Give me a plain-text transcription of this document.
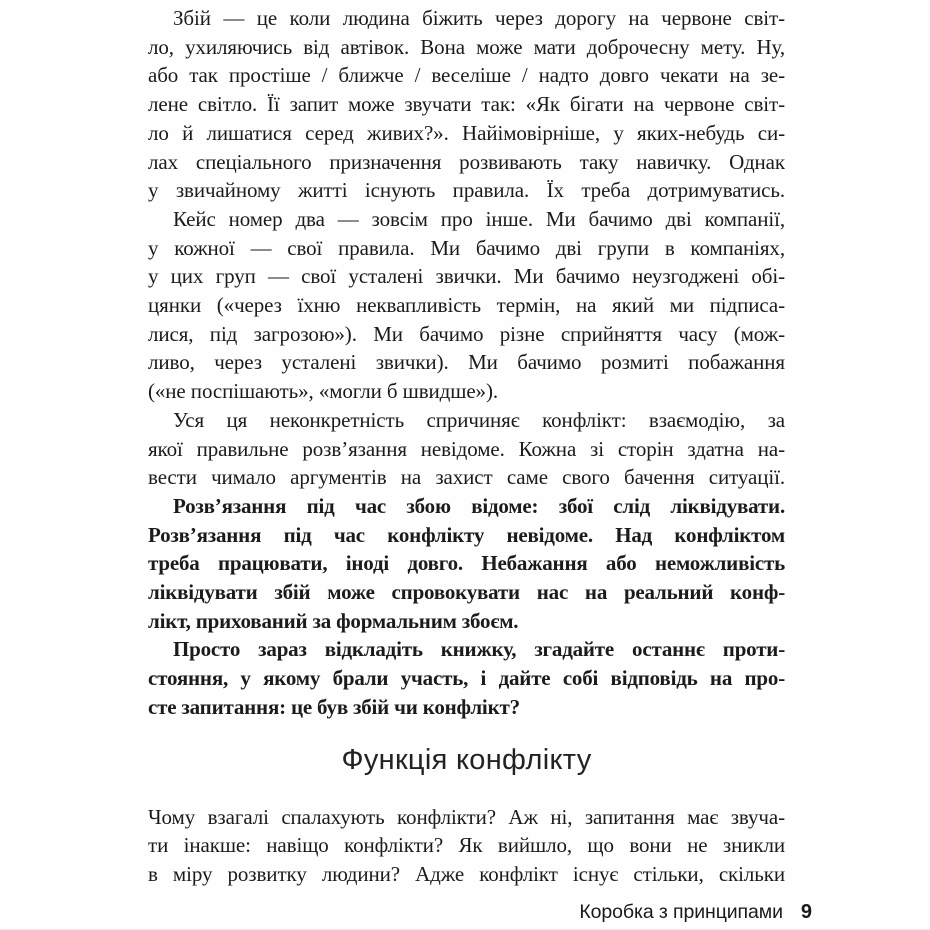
Збій — це коли людина біжить через дорогу на червоне світ-
ло, ухиляючись від автівок. Вона може мати доброчесну мету. Ну,
або так простіше / ближче / веселіше / надто довго чекати на зе-
лене світло. Її запит може звучати так: «Як бігати на червоне світ-
ло й лишатися серед живих?». Найімовірніше, у яких-небудь си-
лах спеціального призначення розвивають таку навичку. Однак
у звичайному житті існують правила. Їх треба дотримуватись.
Кейс номер два — зовсім про інше. Ми бачимо дві компанії,
у кожної — свої правила. Ми бачимо дві групи в компаніях,
у цих груп — свої усталені звички. Ми бачимо неузгоджені обі-
цянки («через їхню неквапливість термін, на який ми підписа-
лися, під загрозою»). Ми бачимо різне сприйняття часу (мож-
ливо, через усталені звички). Ми бачимо розмиті побажання
(«не поспішають», «могли б швидше»).
Уся ця неконкретність спричиняє конфлікт: взаємодію, за
якої правильне розв’язання невідоме. Кожна зі сторін здатна на-
вести чимало аргументів на захист саме свого бачення ситуації.
Розв’язання під час збою відоме: збої слід ліквідувати.
Розв’язання під час конфлікту невідоме. Над конфліктом
треба працювати, іноді довго. Небажання або неможливість
ліквідувати збій може спровокувати нас на реальний конф-
лікт, прихований за формальним збоєм.
Просто зараз відкладіть книжку, згадайте останнє проти-
стояння, у якому брали участь, і дайте собі відповідь на про-
сте запитання: це був збій чи конфлікт?
Функція конфлікту
Чому взагалі спалахують конфлікти? Аж ні, запитання має звуча-
ти інакше: навіщо конфлікти? Як вийшло, що вони не зникли
в міру розвитку людини? Адже конфлікт існує стільки, скільки
Коробка з принципами 9
